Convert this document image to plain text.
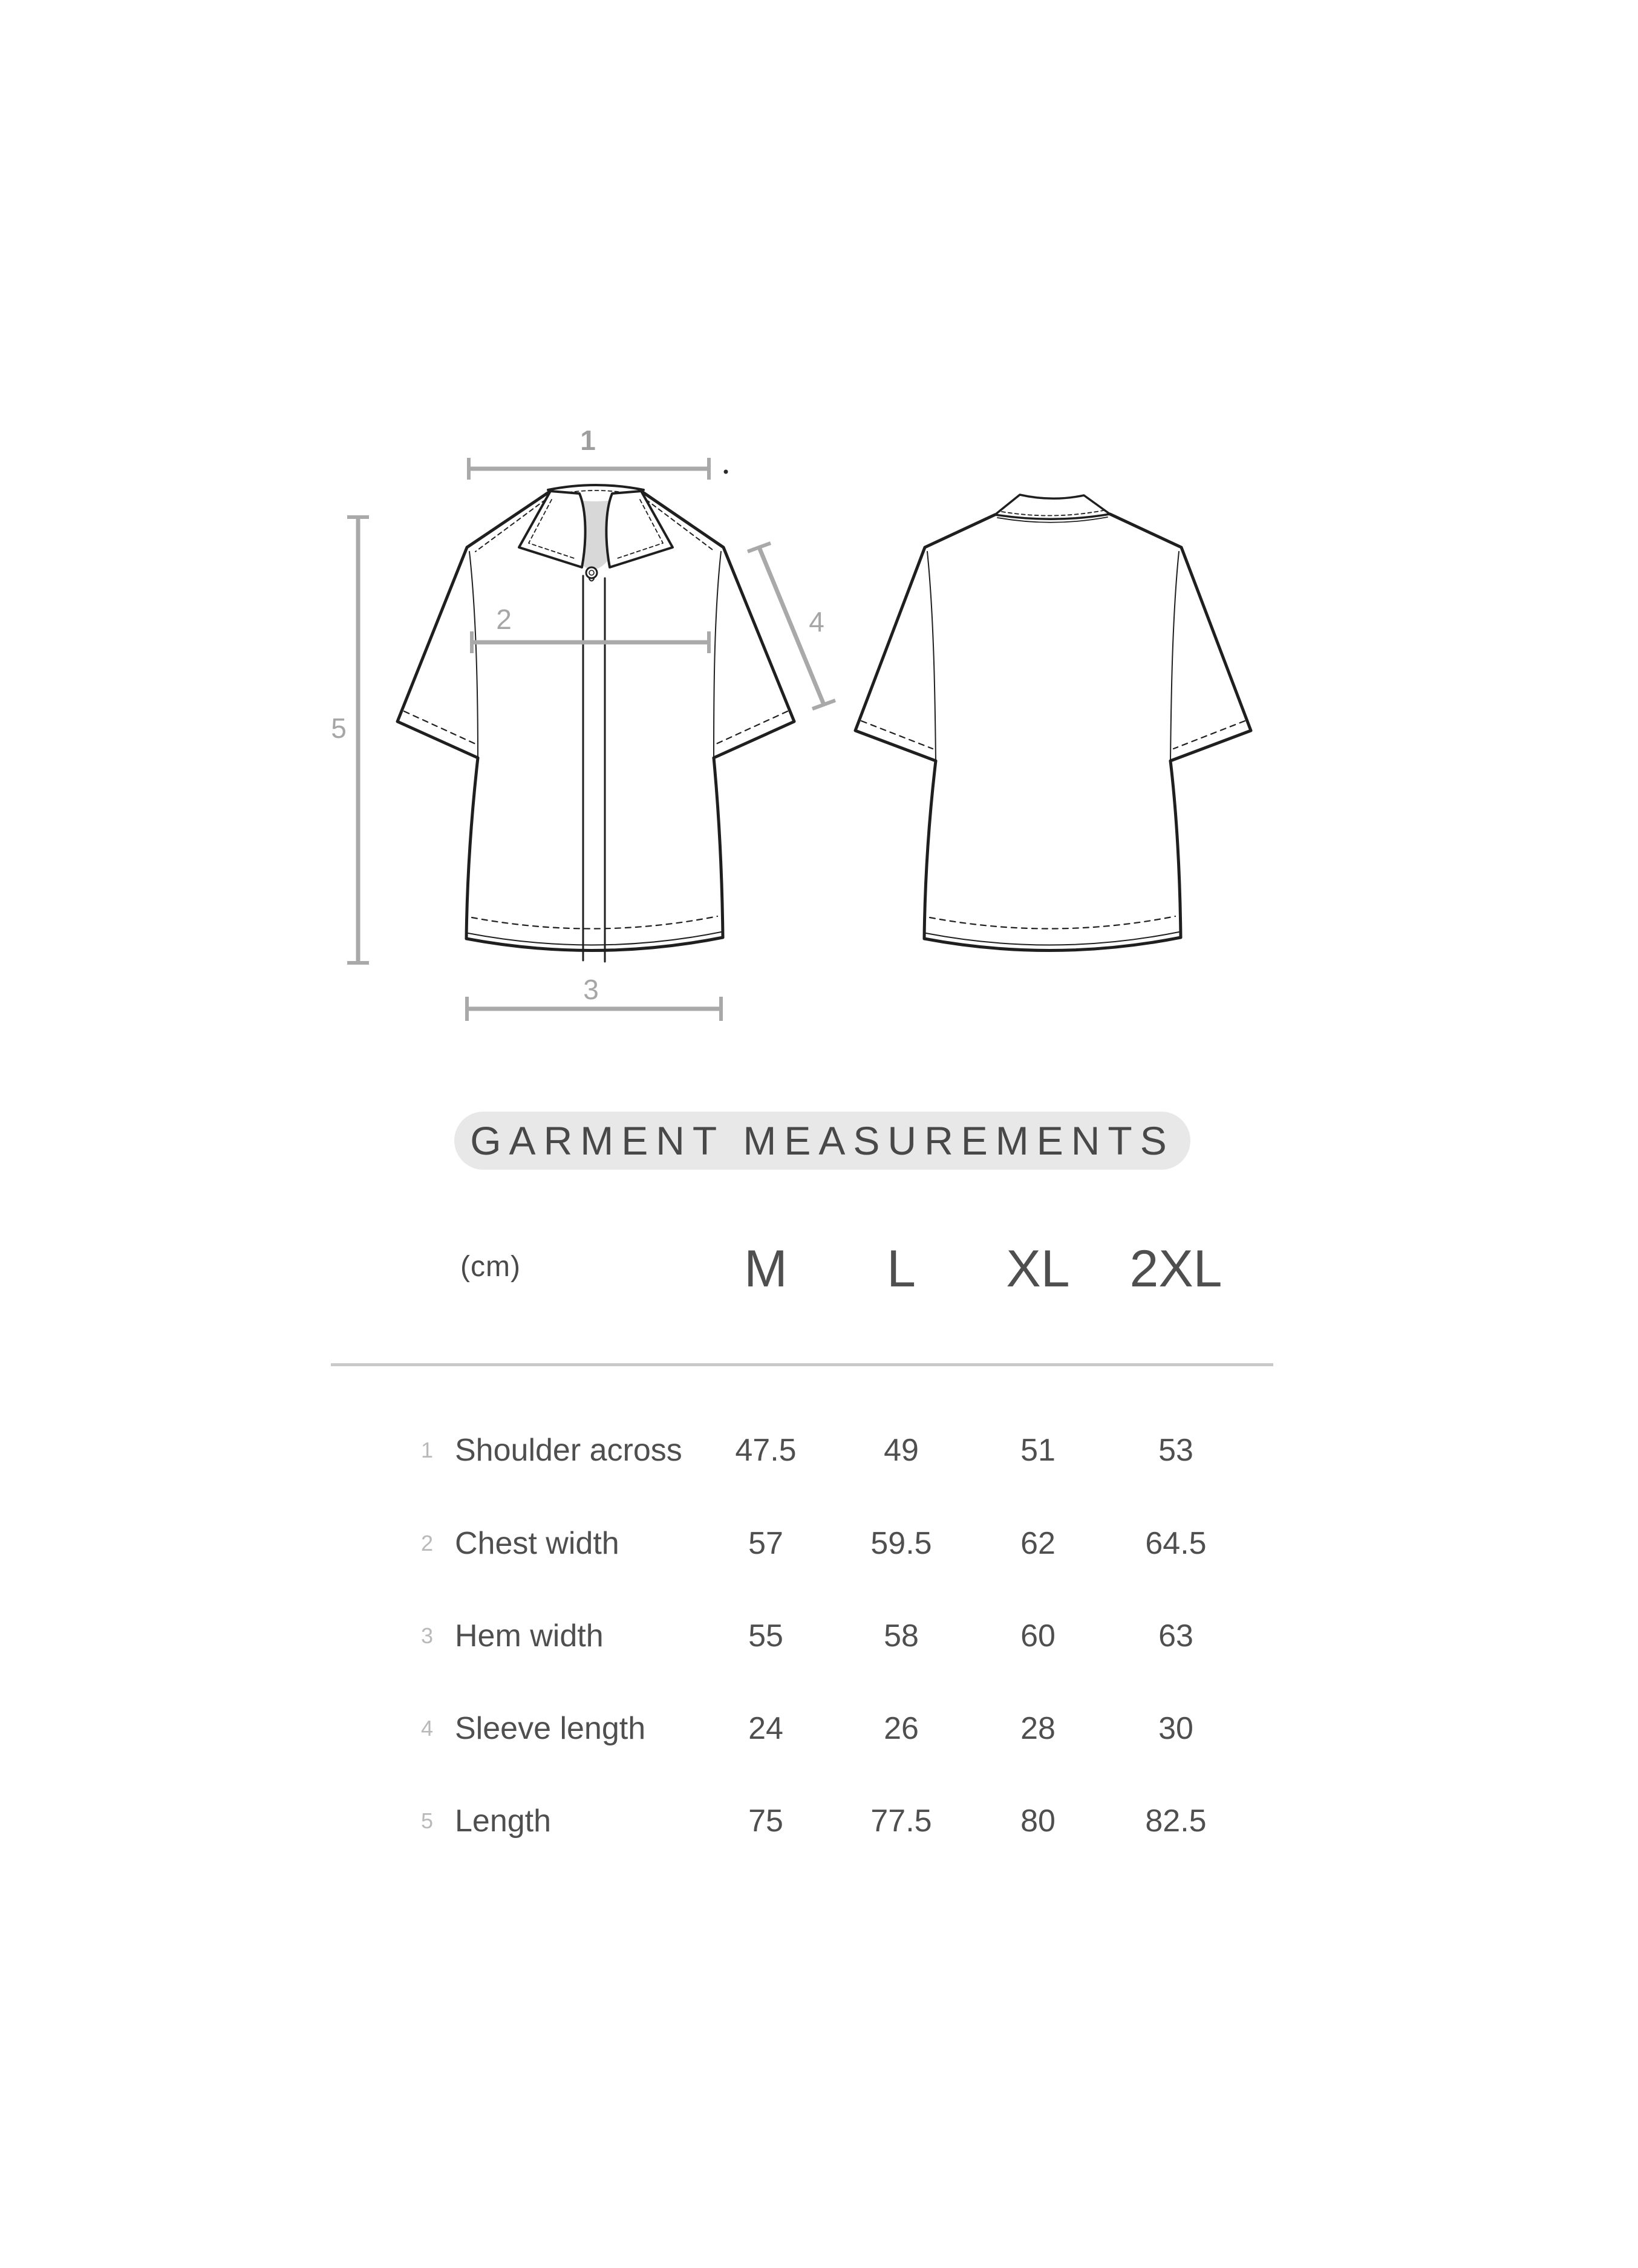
1
2
3
4
5
GARMENT MEASUREMENTS
(cm)	M	L	XL	2XL
1 Shoulder across	47.5	49	51	53
2 Chest width	57	59.5	62	64.5
3 Hem width	55	58	60	63
4 Sleeve length	24	26	28	30
5 Length	75	77.5	80	82.5
